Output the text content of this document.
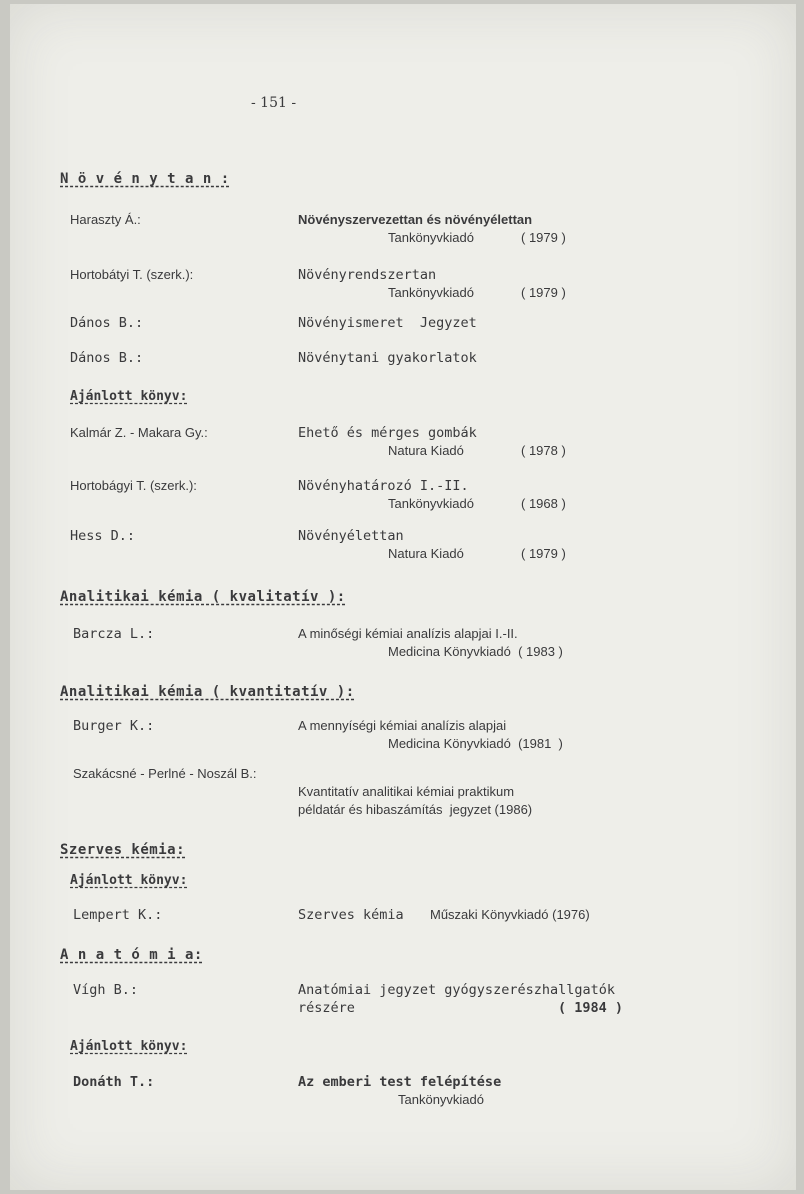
- 151 -
N ö v é n y t a n :
Haraszty Á.:	Növényszervezettan és növényélettan
Tankönyvkiadó	( 1979 )
Hortobátyi T. (szerk.):	Növényrendszertan
Tankönyvkiadó	( 1979 )
Dános B.:	Növényismeret  Jegyzet
Dános B.:	Növénytani gyakorlatok
Ajánlott könyv:
Kalmár Z. - Makara Gy.:	Ehető és mérges gombák
Natura Kiadó	( 1978 )
Hortobágyi T. (szerk.):	Növényhatározó I.-II.
Tankönyvkiadó	( 1968 )
Hess D.:	Növényélettan
Natura Kiadó	( 1979 )
Analitikai kémia ( kvalitatív ):
Barcza L.:	A minőségi kémiai analízis alapjai I.-II.
Medicina Könyvkiadó  ( 1983 )
Analitikai kémia ( kvantitatív ):
Burger K.:	A mennyíségi kémiai analízis alapjai
Medicina Könyvkiadó  (1981  )
Szakácsné - Perlné - Noszál B.:
Kvantitatív analitikai kémiai praktikum
példatár és hibaszámítás  jegyzet (1986)
Szerves kémia:
Ajánlott könyv:
Lempert K.:	Szerves kémia Műszaki Könyvkiadó (1976)
A n a t ó m i a:
Vígh B.:	Anatómiai jegyzet gyógyszerészhallgatók
részére	( 1984 )
Ajánlott könyv:
Donáth T.:	Az emberi test felépítése
Tankönyvkiadó
